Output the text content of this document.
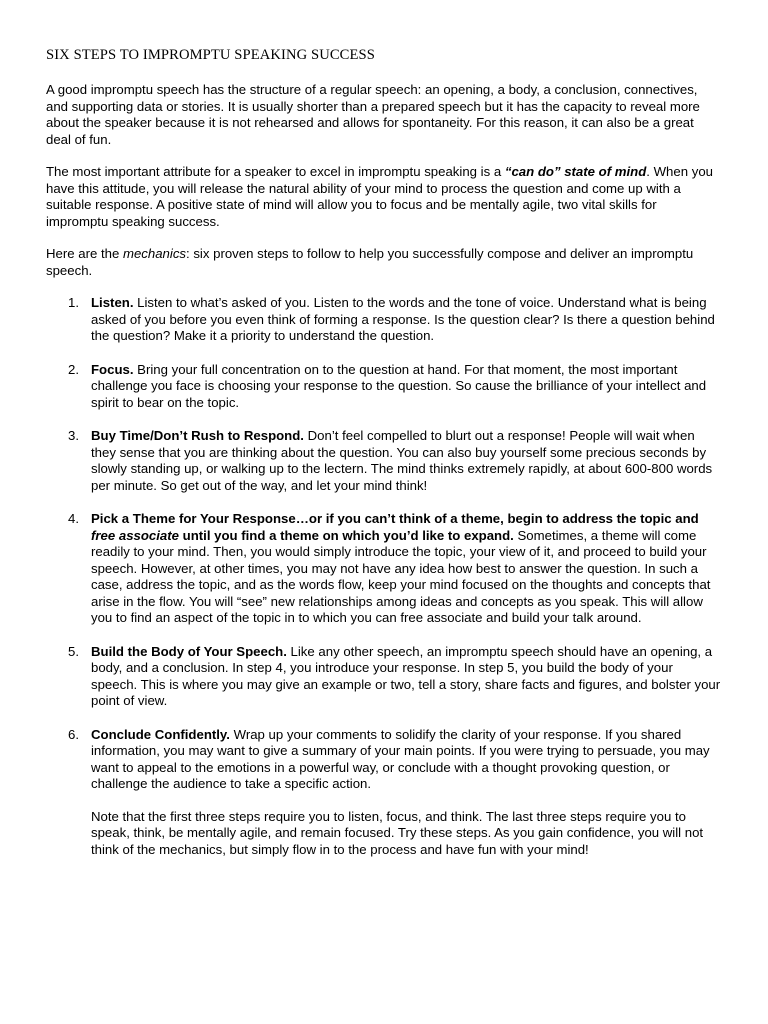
SIX STEPS TO IMPROMPTU SPEAKING SUCCESS

A good impromptu speech has the structure of a regular speech: an opening, a body, a conclusion, connectives, and supporting data or stories. It is usually shorter than a prepared speech but it has the capacity to reveal more about the speaker because it is not rehearsed and allows for spontaneity. For this reason, it can also be a great deal of fun.

The most important attribute for a speaker to excel in impromptu speaking is a “can do” state of mind. When you have this attitude, you will release the natural ability of your mind to process the question and come up with a suitable response. A positive state of mind will allow you to focus and be mentally agile, two vital skills for impromptu speaking success.

Here are the mechanics: six proven steps to follow to help you successfully compose and deliver an impromptu speech.

1. Listen. Listen to what’s asked of you. Listen to the words and the tone of voice. Understand what is being asked of you before you even think of forming a response. Is the question clear? Is there a question behind the question? Make it a priority to understand the question.

2. Focus. Bring your full concentration on to the question at hand. For that moment, the most important challenge you face is choosing your response to the question. So cause the brilliance of your intellect and spirit to bear on the topic.

3. Buy Time/Don’t Rush to Respond. Don’t feel compelled to blurt out a response! People will wait when they sense that you are thinking about the question. You can also buy yourself some precious seconds by slowly standing up, or walking up to the lectern. The mind thinks extremely rapidly, at about 600-800 words per minute. So get out of the way, and let your mind think!

4. Pick a Theme for Your Response…or if you can’t think of a theme, begin to address the topic and free associate until you find a theme on which you’d like to expand. Sometimes, a theme will come readily to your mind. Then, you would simply introduce the topic, your view of it, and proceed to build your speech. However, at other times, you may not have any idea how best to answer the question. In such a case, address the topic, and as the words flow, keep your mind focused on the thoughts and concepts that arise in the flow. You will “see” new relationships among ideas and concepts as you speak. This will allow you to find an aspect of the topic in to which you can free associate and build your talk around.

5. Build the Body of Your Speech. Like any other speech, an impromptu speech should have an opening, a body, and a conclusion. In step 4, you introduce your response. In step 5, you build the body of your speech. This is where you may give an example or two, tell a story, share facts and figures, and bolster your point of view.

6. Conclude Confidently. Wrap up your comments to solidify the clarity of your response. If you shared information, you may want to give a summary of your main points. If you were trying to persuade, you may want to appeal to the emotions in a powerful way, or conclude with a thought provoking question, or challenge the audience to take a specific action.

Note that the first three steps require you to listen, focus, and think. The last three steps require you to speak, think, be mentally agile, and remain focused. Try these steps. As you gain confidence, you will not think of the mechanics, but simply flow in to the process and have fun with your mind!
